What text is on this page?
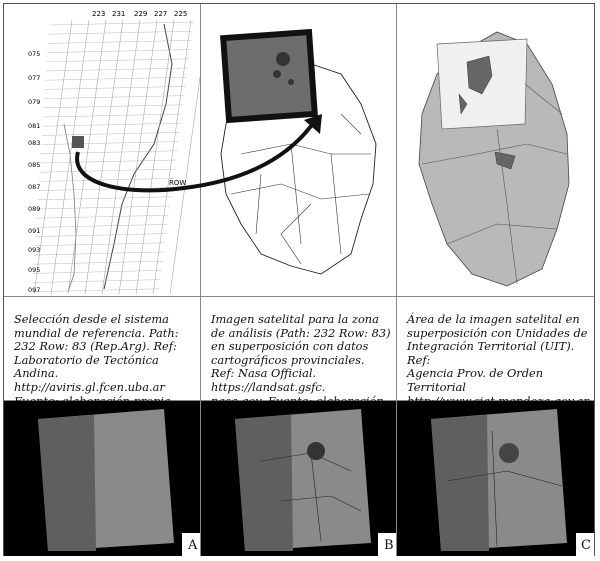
223 231 229 227 225
075
077
079
081
083
085
087
089
091
093
095
097
ROW
Selección desde el sistema
mundial de referencia. Path:
232 Row: 83 (Rep.Arg). Ref:
Laboratorio de Tectónica Andina.
http://aviris.gl.fcen.uba.ar

Imagen satelital para la zona
de análisis (Path: 232 Row: 83)
en superposición con datos
cartográficos provinciales.
Ref: Nasa Official. https://landsat.gsfc.

Área de la imagen satelital en
superposición con Unidades de
Integración Territorial (UIT). Ref:
Agencia Prov. de Orden Territorial

A	B	C
